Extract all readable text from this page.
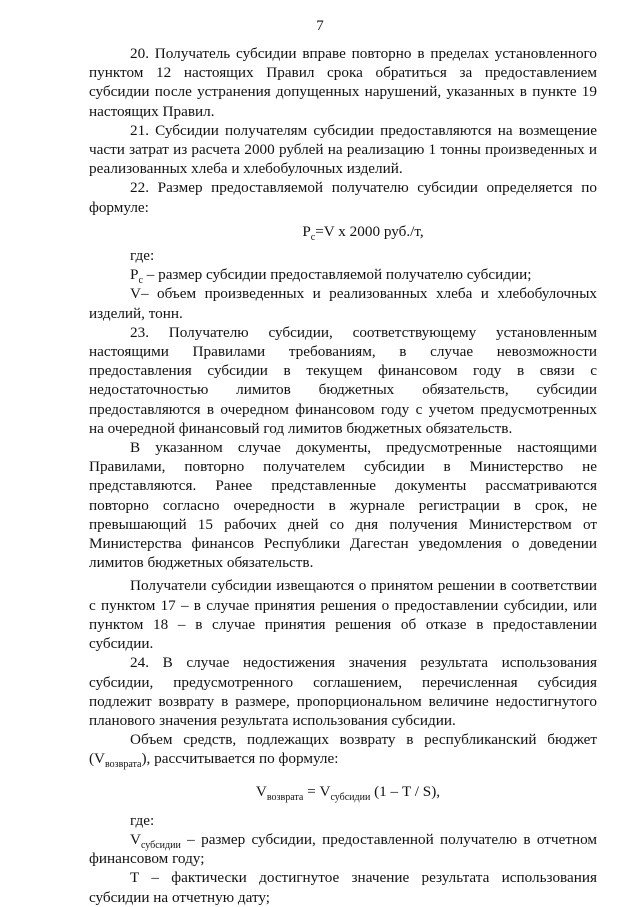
7

20. Получатель субсидии вправе повторно в пределах установленного пунктом 12 настоящих Правил срока обратиться за предоставлением субсидии после устранения допущенных нарушений, указанных в пункте 19 настоящих Правил.

21. Субсидии получателям субсидии предоставляются на возмещение части затрат из расчета 2000 рублей на реализацию 1 тонны произведенных и реализованных хлеба и хлебобулочных изделий.

22. Размер предоставляемой получателю субсидии определяется по формуле:

$P_c=V$ x 2000 руб./т,

где:

$P_c$ – размер субсидии предоставляемой получателю субсидии;

V– объем произведенных и реализованных хлеба и хлебобулочных изделий, тонн.

23. Получателю субсидии, соответствующему установленным настоящими Правилами требованиям, в случае невозможности предоставления субсидии в текущем финансовом году в связи с недостаточностью лимитов бюджетных обязательств, субсидии предоставляются в очередном финансовом году с учетом предусмотренных на очередной финансовый год лимитов бюджетных обязательств.

В указанном случае документы, предусмотренные настоящими Правилами, повторно получателем субсидии в Министерство не представляются. Ранее представленные документы рассматриваются повторно согласно очередности в журнале регистрации в срок, не превышающий 15 рабочих дней со дня получения Министерством от Министерства финансов Республики Дагестан уведомления о доведении лимитов бюджетных обязательств.

Получатели субсидии извещаются о принятом решении в соответствии с пунктом 17 – в случае принятия решения о предоставлении субсидии, или пунктом 18 – в случае принятия решения об отказе в предоставлении субсидии.

24. В случае недостижения значения результата использования субсидии, предусмотренного соглашением, перечисленная субсидия подлежит возврату в размере, пропорциональном величине недостигнутого планового значения результата использования субсидии.

Объем средств, подлежащих возврату в республиканский бюджет $(V_{возврата})$, рассчитывается по формуле:

$V_{возврата} = V_{субсидии}$ (1 – T / S),

где:

$V_{субсидии}$ – размер субсидии, предоставленной получателю в отчетном финансовом году;

T – фактически достигнутое значение результата использования субсидии на отчетную дату;
